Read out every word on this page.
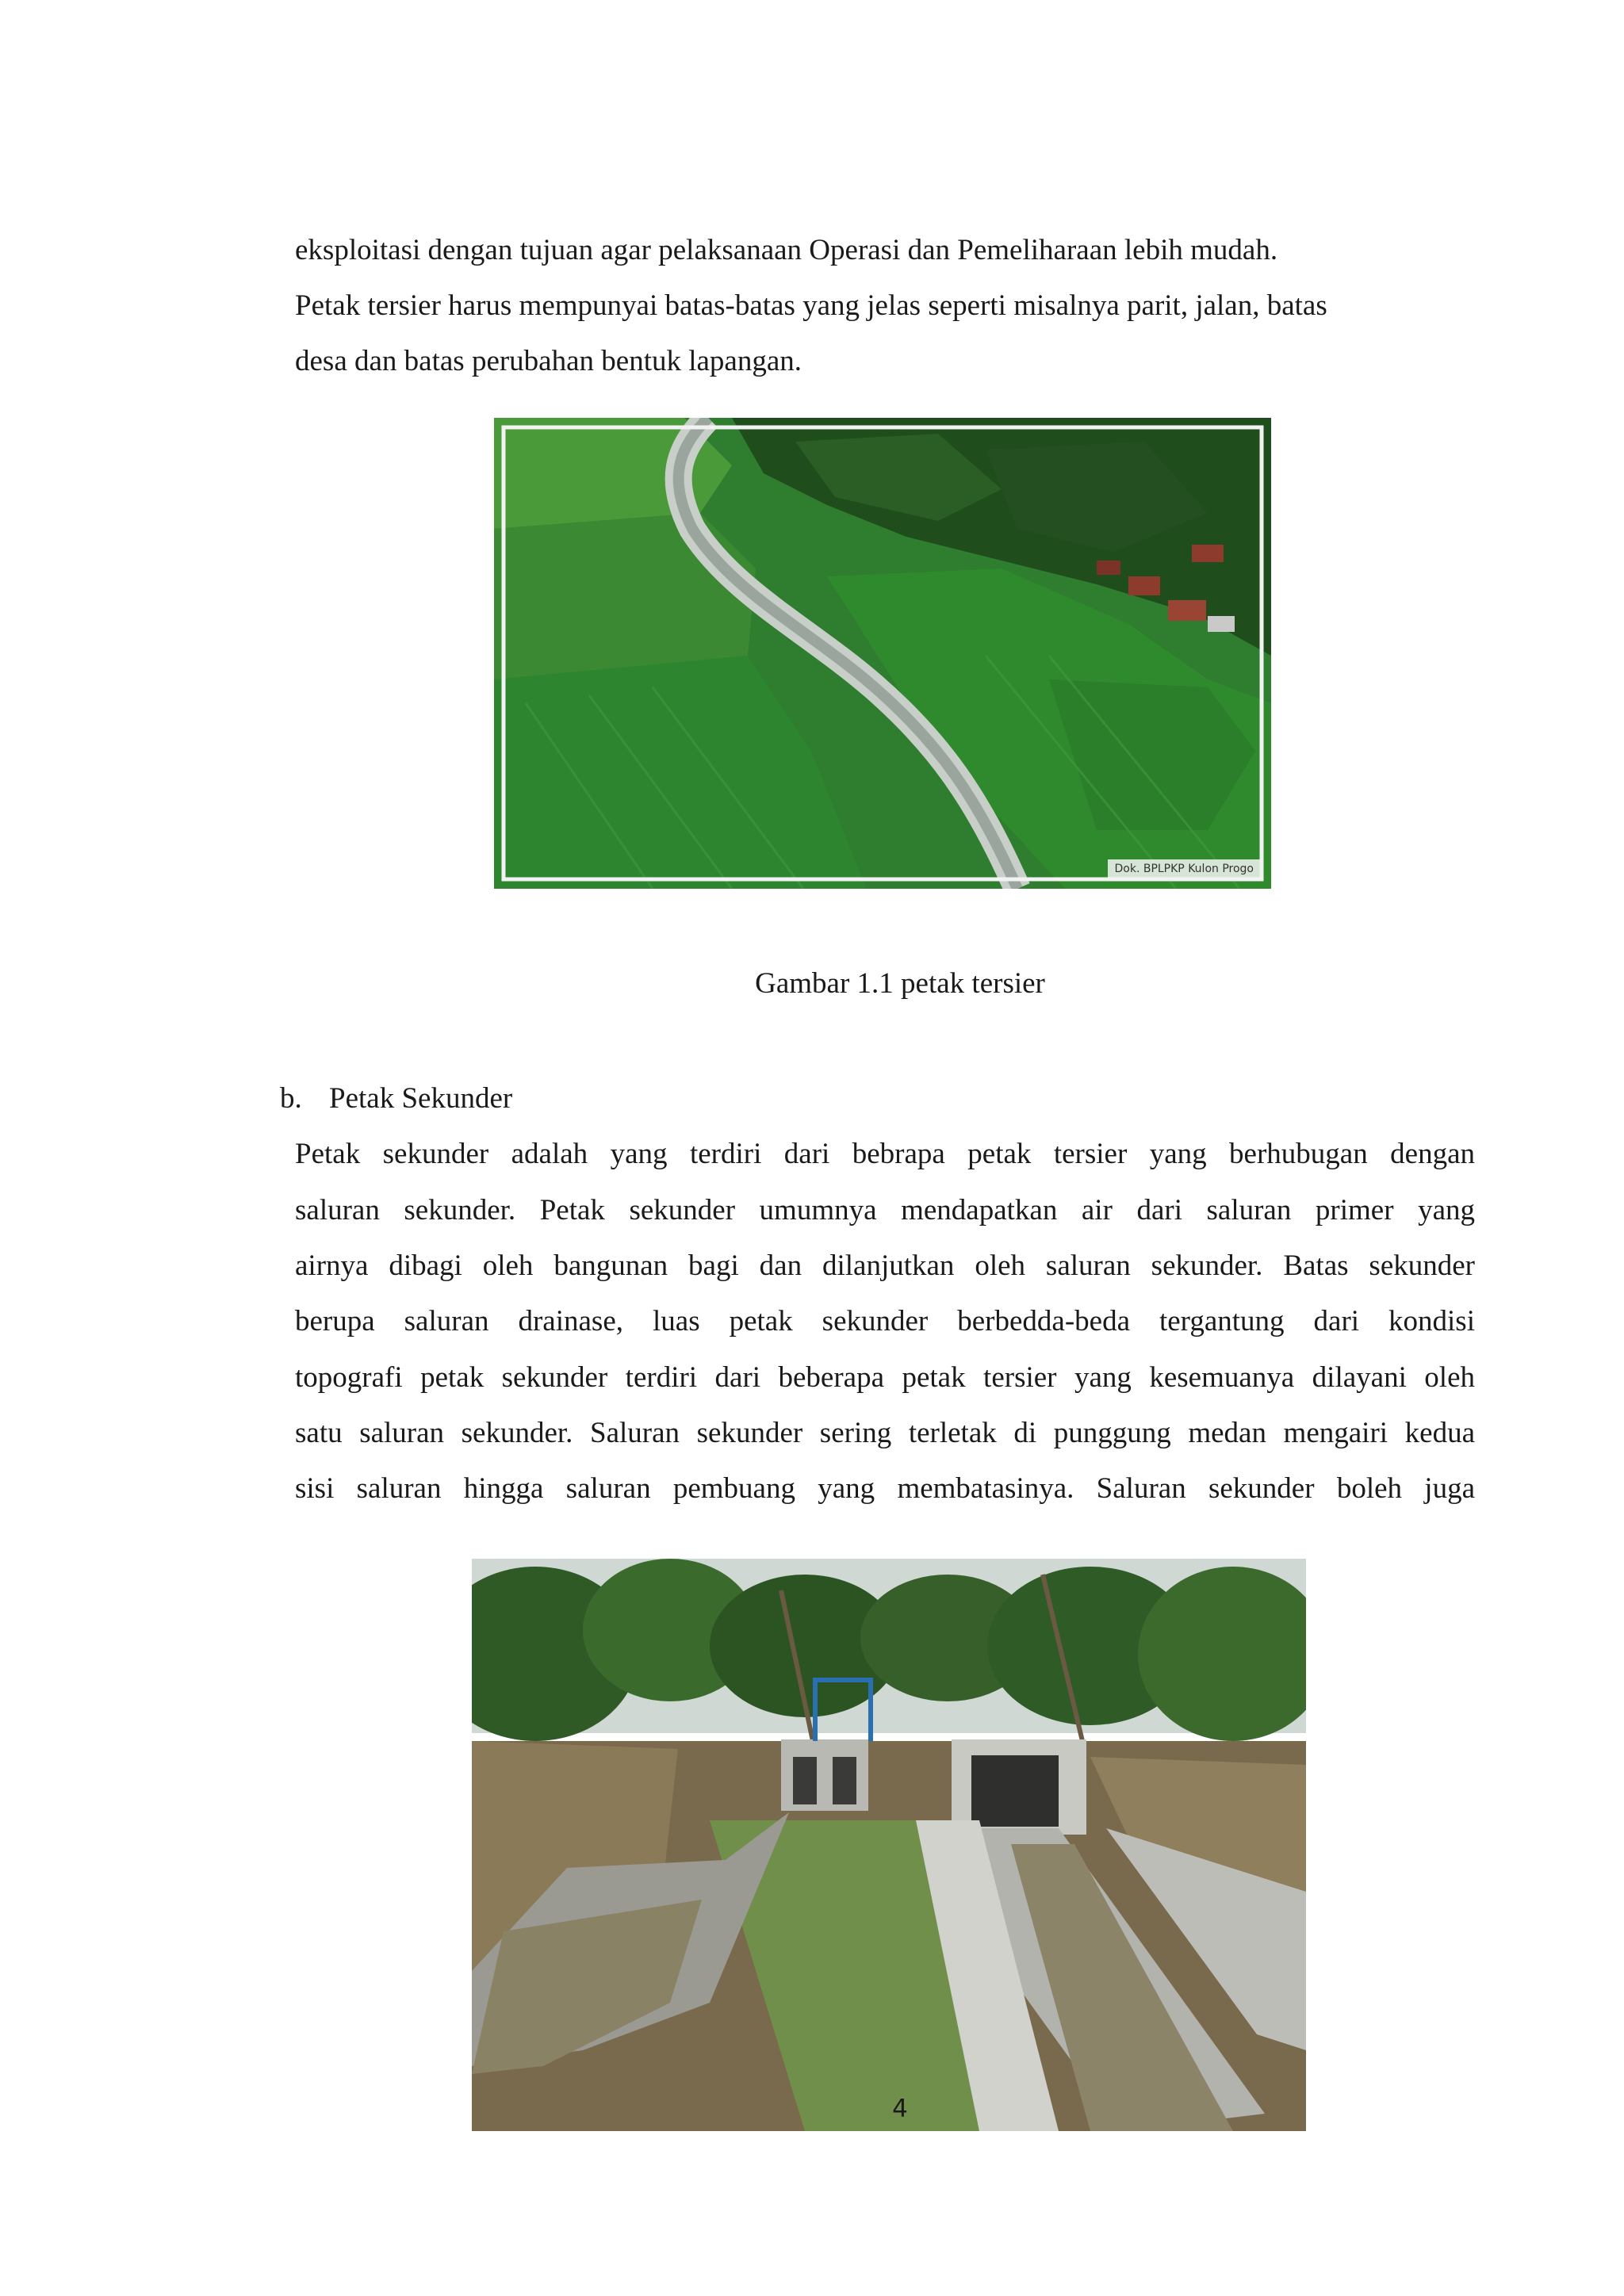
eksploitasi dengan tujuan agar pelaksanaan Operasi dan Pemeliharaan lebih mudah.
Petak tersier harus mempunyai batas-batas yang jelas seperti misalnya parit, jalan, batas
desa dan batas perubahan bentuk lapangan.
Dok. BPLPKP Kulon Progo
Gambar 1.1 petak tersier
b. Petak Sekunder
Petak sekunder adalah yang terdiri dari bebrapa petak tersier yang berhubugan dengan
saluran sekunder. Petak sekunder umumnya mendapatkan air dari saluran primer yang
airnya dibagi oleh bangunan bagi dan dilanjutkan oleh saluran sekunder. Batas sekunder
berupa saluran drainase, luas petak sekunder berbedda-beda tergantung dari kondisi
topografi petak sekunder terdiri dari beberapa petak tersier yang kesemuanya dilayani oleh
satu saluran sekunder. Saluran sekunder sering terletak di punggung medan mengairi kedua
sisi saluran hingga saluran pembuang yang membatasinya. Saluran sekunder boleh juga
4
